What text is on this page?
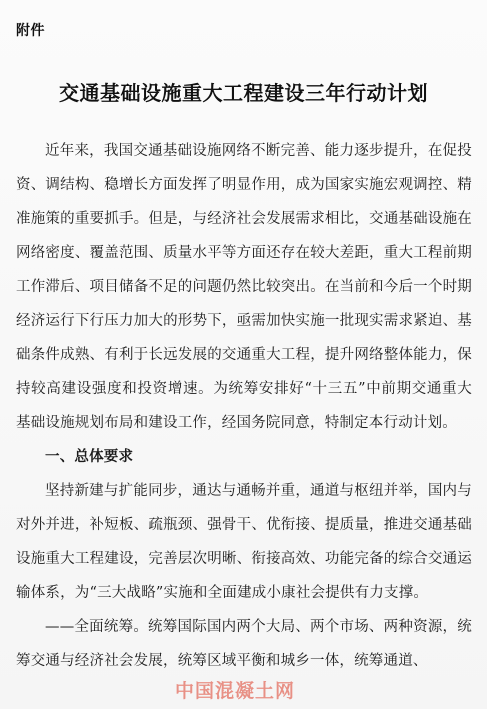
附件
交通基础设施重大工程建设三年行动计划

近年来，我国交通基础设施网络不断完善、能力逐步提升，在促投资、调结构、稳增长方面发挥了明显作用，成为国家实施宏观调控、精准施策的重要抓手。但是，与经济社会发展需求相比，交通基础设施在网络密度、覆盖范围、质量水平等方面还存在较大差距，重大工程前期工作滞后、项目储备不足的问题仍然比较突出。在当前和今后一个时期经济运行下行压力加大的形势下，亟需加快实施一批现实需求紧迫、基础条件成熟、有利于长远发展的交通重大工程，提升网络整体能力，保持较高建设强度和投资增速。为统筹安排好“十三五”中前期交通重大基础设施规划布局和建设工作，经国务院同意，特制定本行动计划。

一、总体要求

坚持新建与扩能同步，通达与通畅并重，通道与枢纽并举，国内与对外并进，补短板、疏瓶颈、强骨干、优衔接、提质量，推进交通基础设施重大工程建设，完善层次明晰、衔接高效、功能完备的综合交通运输体系，为“三大战略”实施和全面建成小康社会提供有力支撑。

——全面统筹。统筹国际国内两个大局、两个市场、两种资源，统筹交通与经济社会发展，统筹区域平衡和城乡一体，统筹通道、

中国混凝土网
